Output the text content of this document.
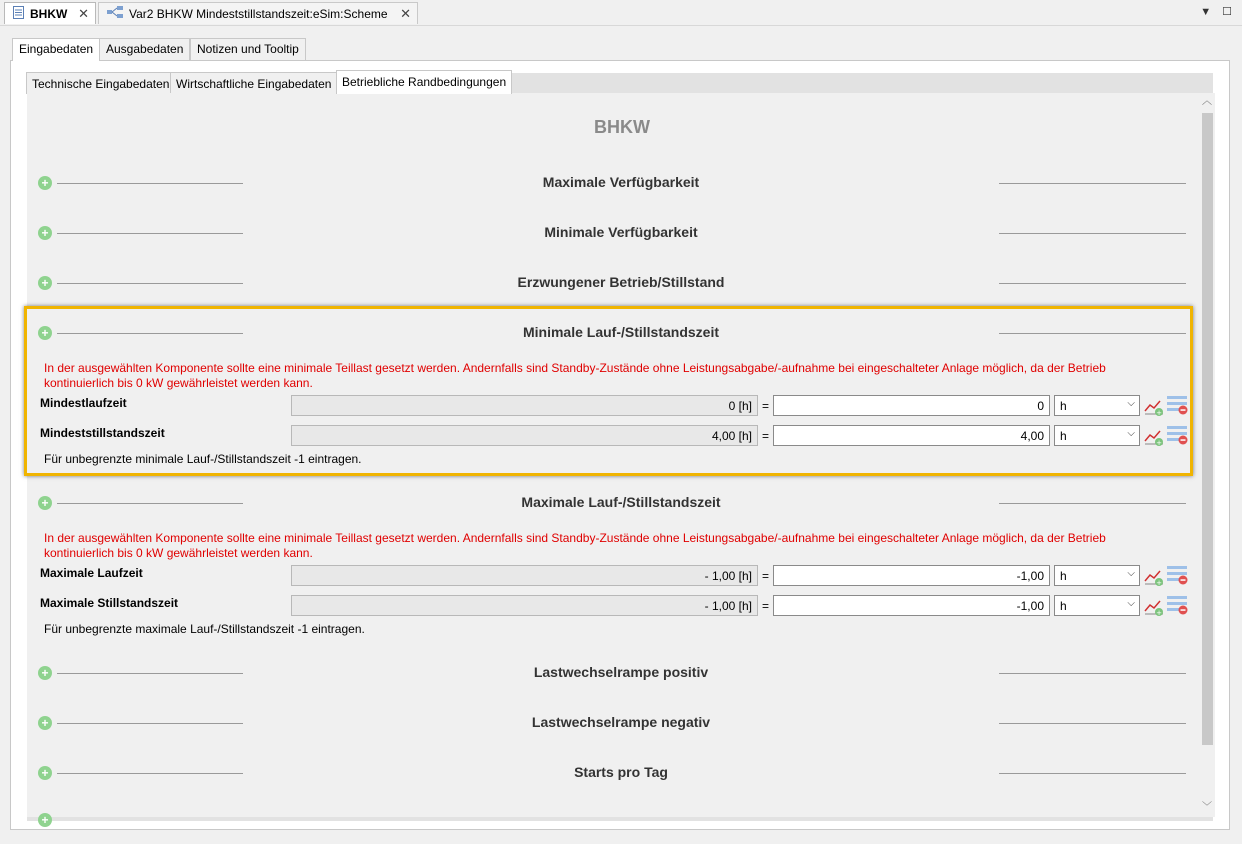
BHKW ✕	Var2 BHKW Mindeststillstandszeit:eSim:Scheme ✕	▼ ☐
Eingabedaten	Ausgabedaten	Notizen und Tooltip
Technische Eingabedaten Wirtschaftliche Eingabedaten Betriebliche Randbedingungen
BHKW
+	Maximale Verfügbarkeit
+	Minimale Verfügbarkeit
+	Erzwungener Betrieb/Stillstand
+	Minimale Lauf-/Stillstandszeit
In der ausgewählten Komponente sollte eine minimale Teillast gesetzt werden. Andernfalls sind Standby-Zustände ohne Leistungsabgabe/-aufnahme bei eingeschalteter Anlage möglich, da der Betrieb kontinuierlich bis 0 kW gewährleistet werden kann.
Mindestlaufzeit	0 [h] =	0	h	⌵
+
Mindeststillstandszeit	4,00 [h] =	4,00	h	⌵
+
Für unbegrenzte minimale Lauf-/Stillstandszeit -1 eintragen.
+	Maximale Lauf-/Stillstandszeit
In der ausgewählten Komponente sollte eine minimale Teillast gesetzt werden. Andernfalls sind Standby-Zustände ohne Leistungsabgabe/-aufnahme bei eingeschalteter Anlage möglich, da der Betrieb kontinuierlich bis 0 kW gewährleistet werden kann.
Maximale Laufzeit	- 1,00 [h] =	-1,00	h	⌵
+
Maximale Stillstandszeit	- 1,00 [h] =	-1,00	h	⌵
+
Für unbegrenzte maximale Lauf-/Stillstandszeit -1 eintragen.
+	Lastwechselrampe positiv
+	Lastwechselrampe negativ
+	Starts pro Tag
+
︿
﹀
